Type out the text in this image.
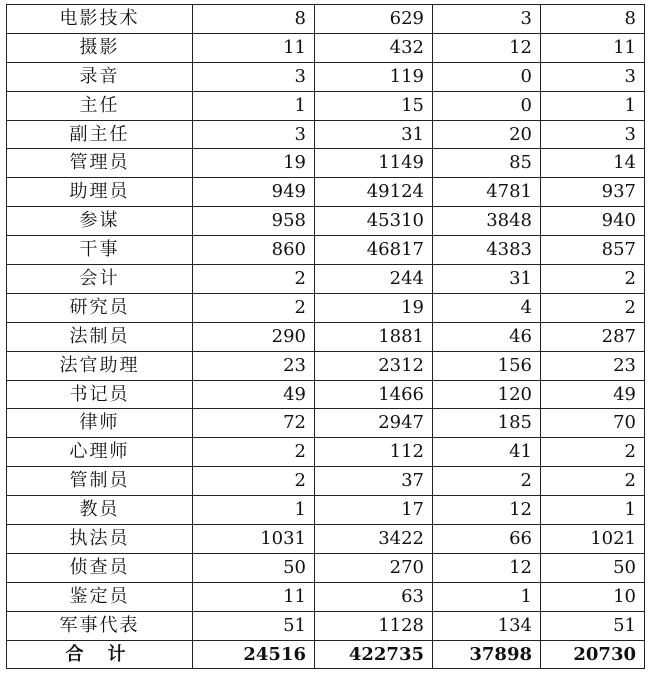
电影技术	8	629	3	8
摄影	11	432	12	11
录音	3	119	0	3
主任	1	15	0	1
副主任	3	31	20	3
管理员	19	1149	85	14
助理员	949	49124	4781	937
参谋	958	45310	3848	940
干事	860	46817	4383	857
会计	2	244	31	2
研究员	2	19	4	2
法制员	290	1881	46	287
法官助理	23	2312	156	23
书记员	49	1466	120	49
律师	72	2947	185	70
心理师	2	112	41	2
管制员	2	37	2	2
教员	1	17	12	1
执法员	1031	3422	66	1021
侦查员	50	270	12	50
鉴定员	11	63	1	10
军事代表	51	1128	134	51
合计	24516	422735	37898	20730
